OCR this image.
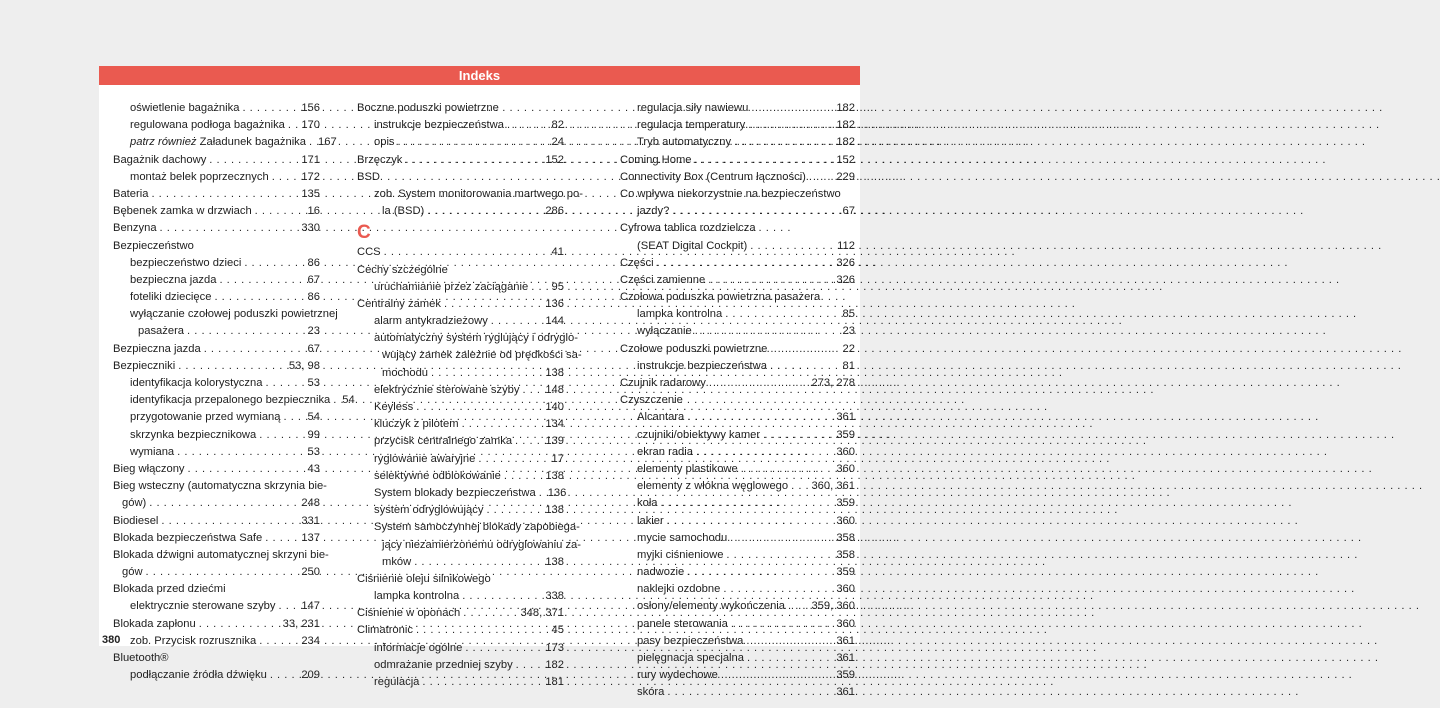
Indeks
oświetlenie bagażnika . . .	156
regulowana podłoga bagażnika . . . 170
patrz również Załadunek bagażnika . . . 167
Bagażnik dachowy . . .	171
montaż belek poprzecznych . . .	172
Bateria . . .	135
Bębenek zamka w drzwiach . . .	16
Benzyna . . .	330
Bezpieczeństwo
bezpieczeństwo dzieci . . .	86
bezpieczna jazda . . .	67
foteliki dziecięce . . .	86
wyłączanie czołowej poduszki powietrznej
pasażera . . .	23
Bezpieczna jazda . . .	67
Bezpieczniki . . .	53, 98
identyfikacja kolorystyczna . . .	53
identyfikacja przepalonego bezpiecznika . . . 54
przygotowanie przed wymianą . . . 54
skrzynka bezpiecznikowa . . .	99
wymiana . . .	53
Bieg włączony . . .	43
Bieg wsteczny (automatyczna skrzynia bie-
gów) . . .	248
Biodiesel . . .	331
Blokada bezpieczeństwa Safe . . .	137
Blokada dźwigni automatycznej skrzyni bie-
gów . . .	250
Blokada przed dziećmi
elektrycznie sterowane szyby . . . 147
Blokada zapłonu . . .	33, 231
zob. Przycisk rozrusznika . . .	234
Bluetooth®
podłączanie źródła dźwięku . . .	209
Boczne poduszki powietrzne
instrukcje bezpieczeństwa . . .	82
opis . . .	24
Brzęczyk . . .	152
BSD
zob. System monitorowania martwego po-
la (BSD) . . .	286
C
CCS . . .	41
Cechy szczególne
uruchamianie przez zaciąganie . . . 95
Centralny zamek . . .	136
alarm antykradzieżowy . . .	144
automatyczny system ryglujący i odryglo-
wujący zamek zależnie od prędkości sa-
mochodu . . .	138
elektrycznie sterowane szyby . . . 148
Keyless . . .	140
kluczyk z pilotem . . .	134
przycisk centralnego zamka . . .	139
ryglowanie awaryjne . . .	17
selektywne odblokowanie . . .	138
System blokady bezpieczeństwa . . . 136
system odryglowujący . . .	138
System samoczynnej blokady zapobiega-
jący niezamierzonemu odryglowaniu za-
mków . . .	138
Ciśnienie oleju silnikowego
lampka kontrolna . . .	338
Ciśnienie w oponach . . .	348, 371
Climatronic . . .	45
informacje ogólne . . .	173
odmrażanie przedniej szyby . . .	182
regulacja . . .	181
regulacja siły nawiewu . . .	182
regulacja temperatury . . .	182
Tryb automatyczny . . .	182
Coming Home . . .	152
Connectivity Box (Centrum łączności) . . .	229
Co wpływa niekorzystnie na bezpieczeństwo
jazdy? . . .	67
Cyfrowa tablica rozdzielcza
(SEAT Digital Cockpit) . . .	112
Części . . .	326
Części zamienne . . .	326
Czołowa poduszka powietrzna pasażera
lampka kontrolna . . .	85
wyłączanie . . .	23
Czołowe poduszki powietrzne . . .	22
instrukcje bezpieczeństwa . . .	81
Czujnik radarowy . . .	273, 278
Czyszczenie
Alcantara . . .	361
czujniki/obiektywy kamer . . .	359
ekran radia . . .	360
elementy plastikowe . . .	360
elementy z włókna węglowego . . . 360, 361
koła . . .	359
lakier . . .	360
mycie samochodu . . .	358
myjki ciśnieniowe . . .	358
nadwozie . . .	359
naklejki ozdobne . . .	360
osłony/elementy wykończenia . . . 359, 360
panele sterowania . . .	360
pasy bezpieczeństwa . . .	361
pielęgnacja specjalna . . .	361
rury wydechowe . . .	359
skóra . . .	361
380
